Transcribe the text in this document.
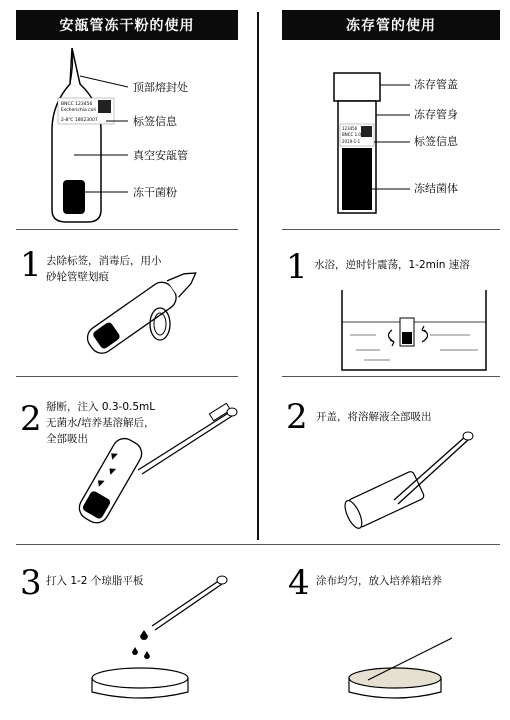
安瓿管冻干粉的使用	冻存管的使用
BNCC 123456
Escherichia coli
2-8℃ 18023007
顶部熔封处
标签信息
真空安瓿管
冻干菌粉
123456
BNCC 1.0
2019-1-1
冻存管盖
冻存管身
标签信息
冻结菌体
1 去除标签，消毒后，用小
砂轮管壁划痕	1 水浴，逆时针震荡，1-2min 速溶
2 掰断，注入 0.3-0.5mL
无菌水/培养基溶解后，
全部吸出
2 开盖，将溶解液全部吸出
3 打入 1-2 个琼脂平板	4 涂布均匀，放入培养箱培养
